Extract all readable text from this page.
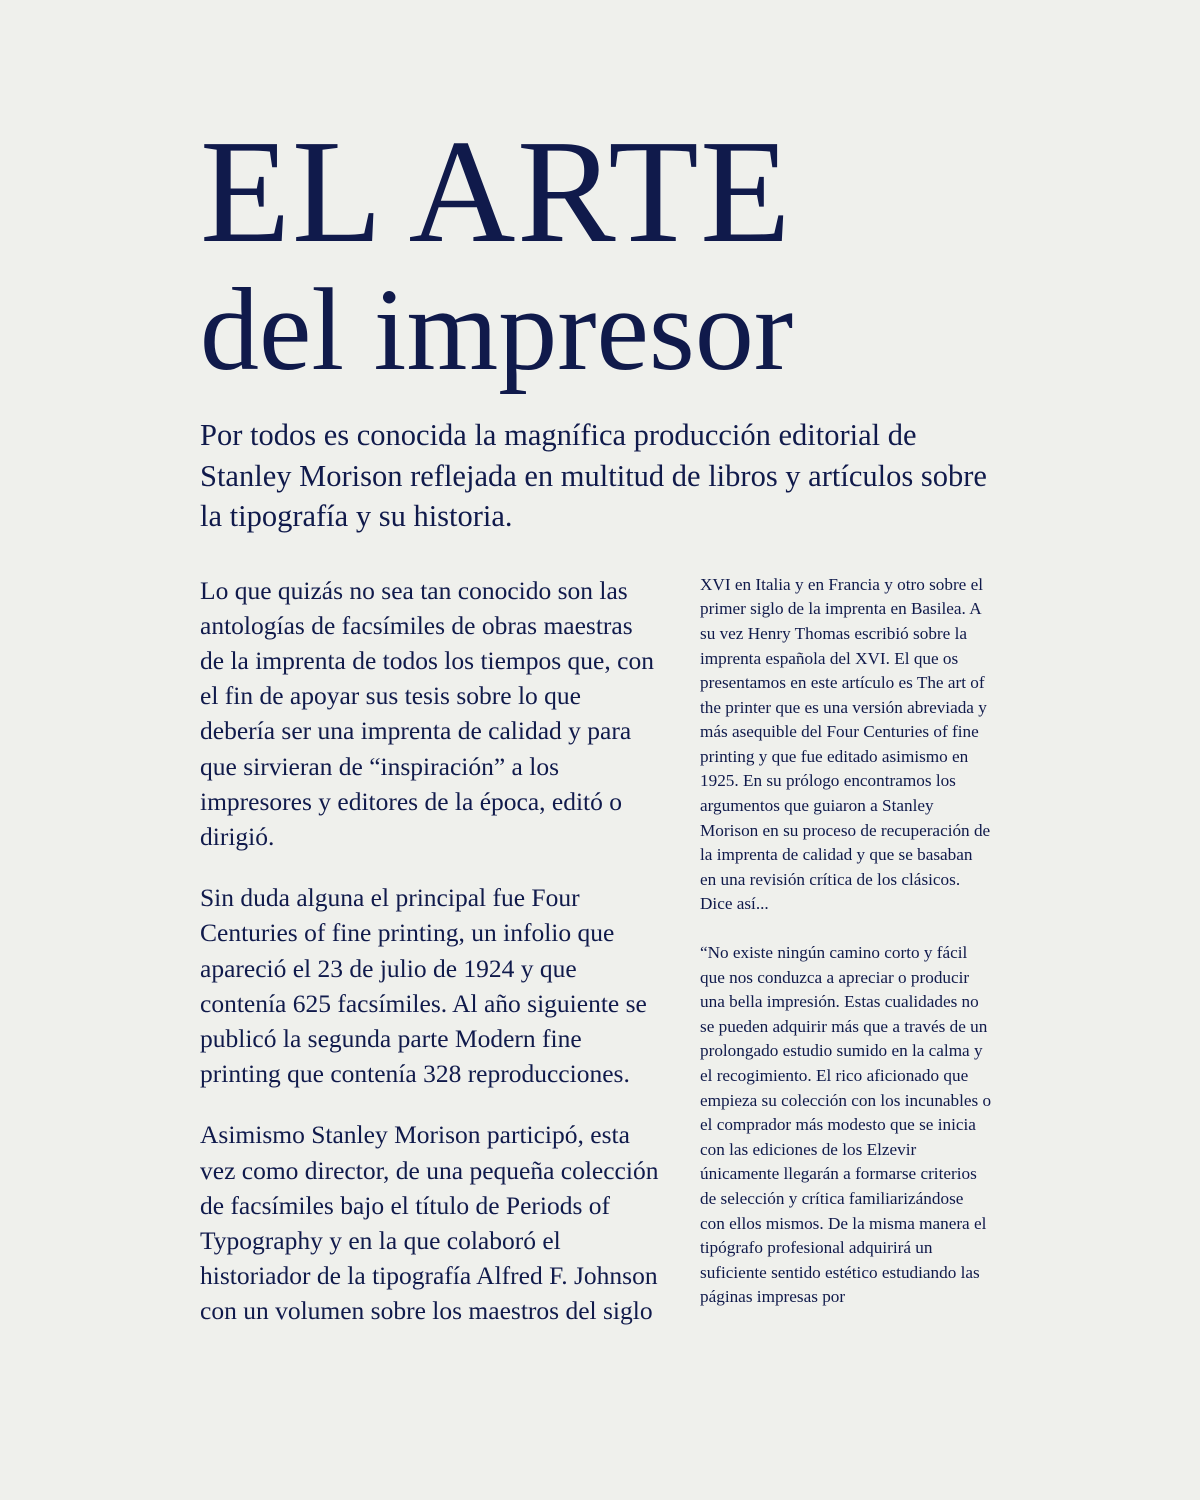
EL ARTE
del impresor

Por todos es conocida la magnífica producción editorial de Stanley Morison reflejada en multitud de libros y artículos sobre la tipografía y su historia.

Lo que quizás no sea tan conocido son las antologías de facsímiles de obras maestras de la imprenta de todos los tiempos que, con el fin de apoyar sus tesis sobre lo que debería ser una imprenta de calidad y para que sirvieran de “inspiración” a los impresores y editores de la época, editó o dirigió.

Sin duda alguna el principal fue Four Centuries of fine printing, un infolio que apareció el 23 de julio de 1924 y que contenía 625 facsímiles. Al año siguiente se publicó la segunda parte Modern fine printing que contenía 328 reproducciones.

Asimismo Stanley Morison participó, esta vez como director, de una pequeña colección de facsímiles bajo el título de Periods of Typography y en la que colaboró el historiador de la tipografía Alfred F. Johnson con un volumen sobre los maestros del siglo

XVI en Italia y en Francia y otro sobre el primer siglo de la imprenta en Basilea. A su vez Henry Thomas escribió sobre la imprenta española del XVI. El que os presentamos en este artículo es The art of the printer que es una versión abreviada y más asequible del Four Centuries of fine printing y que fue editado asimismo en 1925. En su prólogo encontramos los argumentos que guiaron a Stanley Morison en su proceso de recuperación de la imprenta de calidad y que se basaban en una revisión crítica de los clásicos. Dice así...

“No existe ningún camino corto y fácil que nos conduzca a apreciar o producir una bella impresión. Estas cualidades no se pueden adquirir más que a través de un prolongado estudio sumido en la calma y el recogimiento. El rico aficionado que empieza su colección con los incunables o el comprador más modesto que se inicia con las ediciones de los Elzevir únicamente llegarán a formarse criterios de selección y crítica familiarizándose con ellos mismos. De la misma manera el tipógrafo profesional adquirirá un suficiente sentido estético estudiando las páginas impresas por
